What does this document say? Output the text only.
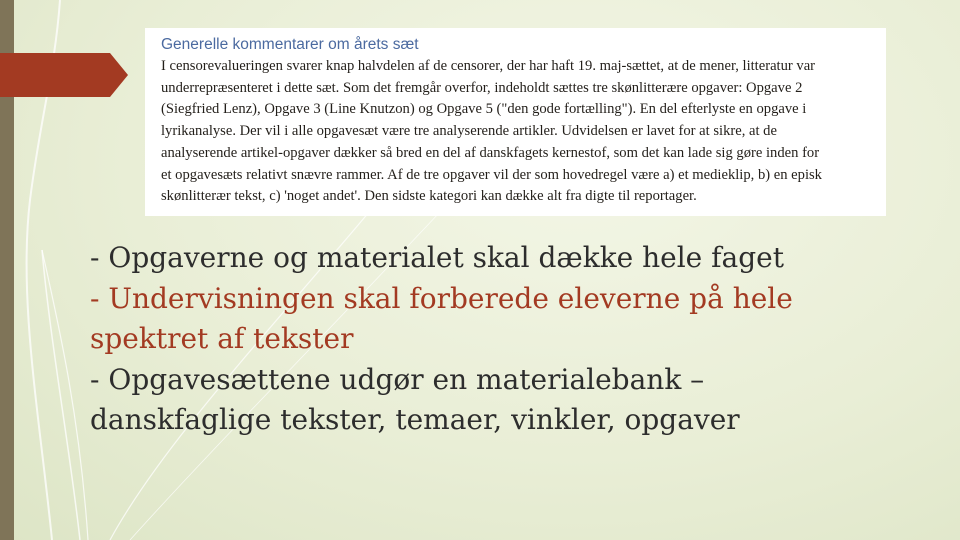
Generelle kommentarer om årets sæt

I censorevalueringen svarer knap halvdelen af de censorer, der har haft 19. maj-sættet, at de mener, litteratur var
underrepræsenteret i dette sæt. Som det fremgår overfor, indeholdt sættes tre skønlitterære opgaver: Opgave 2
(Siegfried Lenz), Opgave 3 (Line Knutzon) og Opgave 5 ("den gode fortælling"). En del efterlyste en opgave i
lyrikanalyse. Der vil i alle opgavesæt være tre analyserende artikler. Udvidelsen er lavet for at sikre, at de
analyserende artikel-opgaver dækker så bred en del af danskfagets kernestof, som det kan lade sig gøre inden for
et opgavesæts relativt snævre rammer. Af de tre opgaver vil der som hovedregel være a) et medieklip, b) en episk
skønlitterær tekst, c) 'noget andet'. Den sidste kategori kan dække alt fra digte til reportager.

- Opgaverne og materialet skal dække hele faget
- Undervisningen skal forberede eleverne på hele
spektret af tekster
- Opgavesættene udgør en materialebank –
danskfaglige tekster, temaer, vinkler, opgaver
